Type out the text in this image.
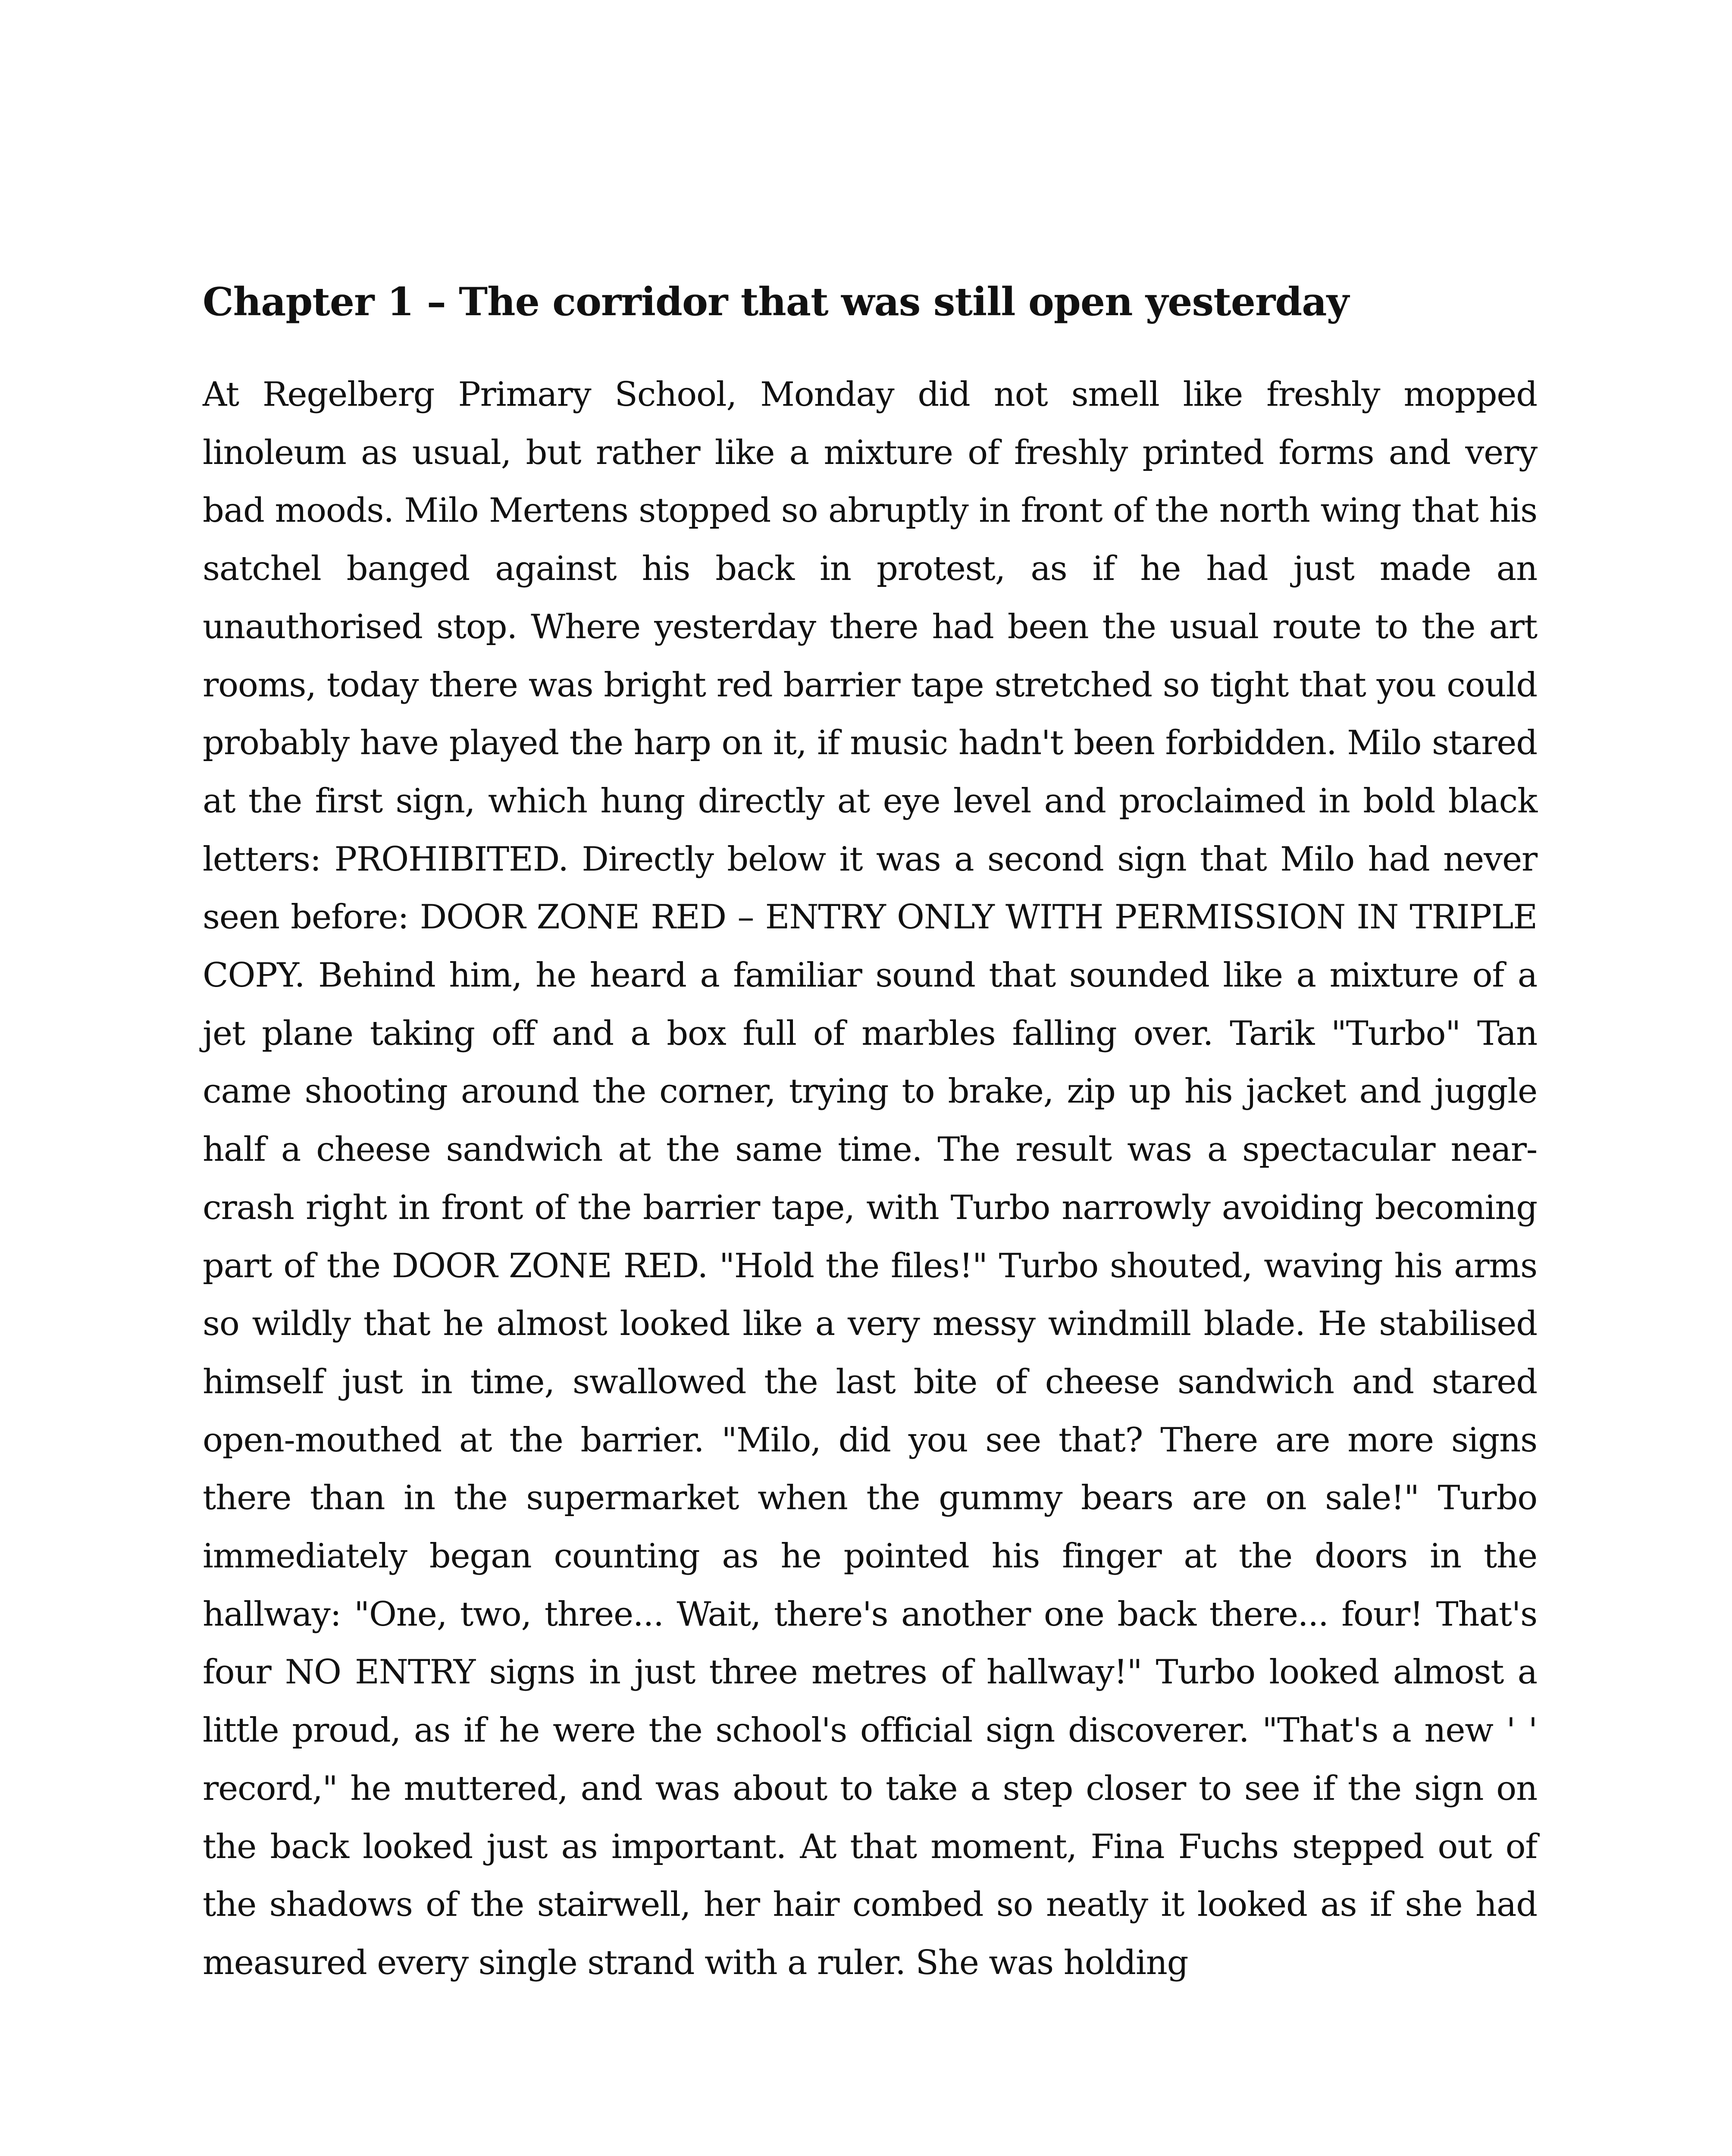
Chapter 1 – The corridor that was still open yesterday

At Regelberg Primary School, Monday did not smell like freshly mopped linoleum as usual, but rather like a mixture of freshly printed forms and very bad moods. Milo Mertens stopped so abruptly in front of the north wing that his satchel banged against his back in protest, as if he had just made an unauthorised stop. Where yesterday there had been the usual route to the art rooms, today there was bright red barrier tape stretched so tight that you could probably have played the harp on it, if music hadn't been forbidden. Milo stared at the first sign, which hung directly at eye level and proclaimed in bold black letters: PROHIBITED. Directly below it was a second sign that Milo had never seen before: DOOR ZONE RED – ENTRY ONLY WITH PERMISSION IN TRIPLE COPY. Behind him, he heard a familiar sound that sounded like a mixture of a jet plane taking off and a box full of marbles falling over. Tarik "Turbo" Tan came shooting around the corner, trying to brake, zip up his jacket and juggle half a cheese sandwich at the same time. The result was a spectacular near-crash right in front of the barrier tape, with Turbo narrowly avoiding becoming part of the DOOR ZONE RED. "Hold the files!" Turbo shouted, waving his arms so wildly that he almost looked like a very messy windmill blade. He stabilised himself just in time, swallowed the last bite of cheese sandwich and stared open-mouthed at the barrier. "Milo, did you see that? There are more signs there than in the supermarket when the gummy bears are on sale!" Turbo immediately began counting as he pointed his finger at the doors in the hallway: "One, two, three... Wait, there's another one back there... four! That's four NO ENTRY signs in just three metres of hallway!" Turbo looked almost a little proud, as if he were the school's official sign discoverer. "That's a new ' ' record," he muttered, and was about to take a step closer to see if the sign on the back looked just as important. At that moment, Fina Fuchs stepped out of the shadows of the stairwell, her hair combed so neatly it looked as if she had measured every single strand with a ruler. She was holding
